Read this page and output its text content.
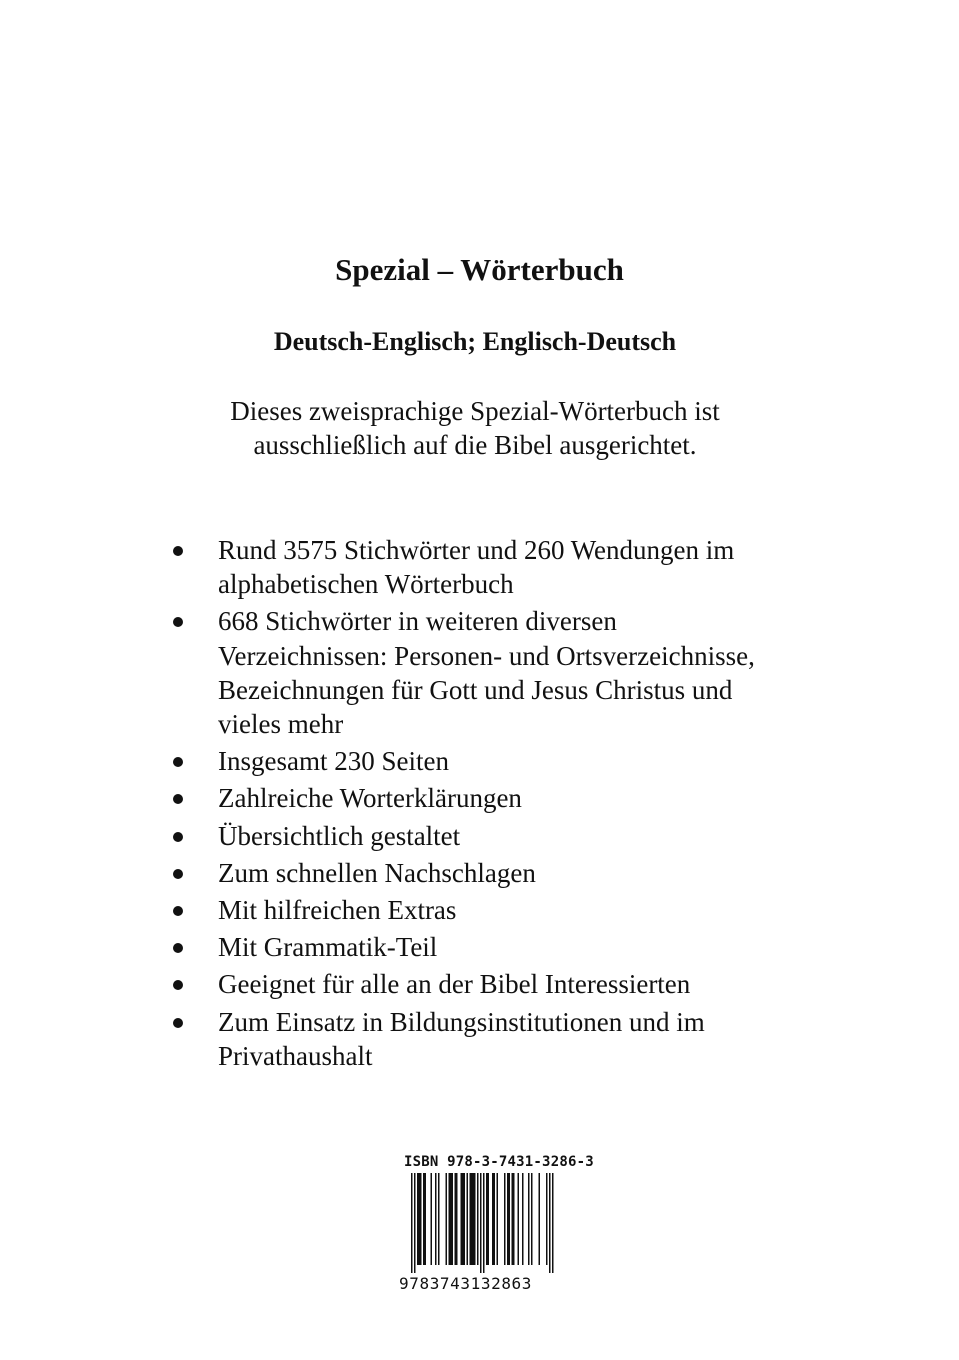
Spezial – Wörterbuch
Deutsch-Englisch; Englisch-Deutsch
Dieses zweisprachige Spezial-Wörterbuch ist
ausschließlich auf die Bibel ausgerichtet.
Rund 3575 Stichwörter und 260 Wendungen im
alphabetischen Wörterbuch
668 Stichwörter in weiteren diversen
Verzeichnissen: Personen- und Ortsverzeichnisse,
Bezeichnungen für Gott und Jesus Christus und
vieles mehr
Insgesamt 230 Seiten
Zahlreiche Worterklärungen
Übersichtlich gestaltet
Zum schnellen Nachschlagen
Mit hilfreichen Extras
Mit Grammatik-Teil
Geeignet für alle an der Bibel Interessierten
Zum Einsatz in Bildungsinstitutionen und im
Privathaushalt
ISBN 978-3-7431-3286-3
9783743132863
